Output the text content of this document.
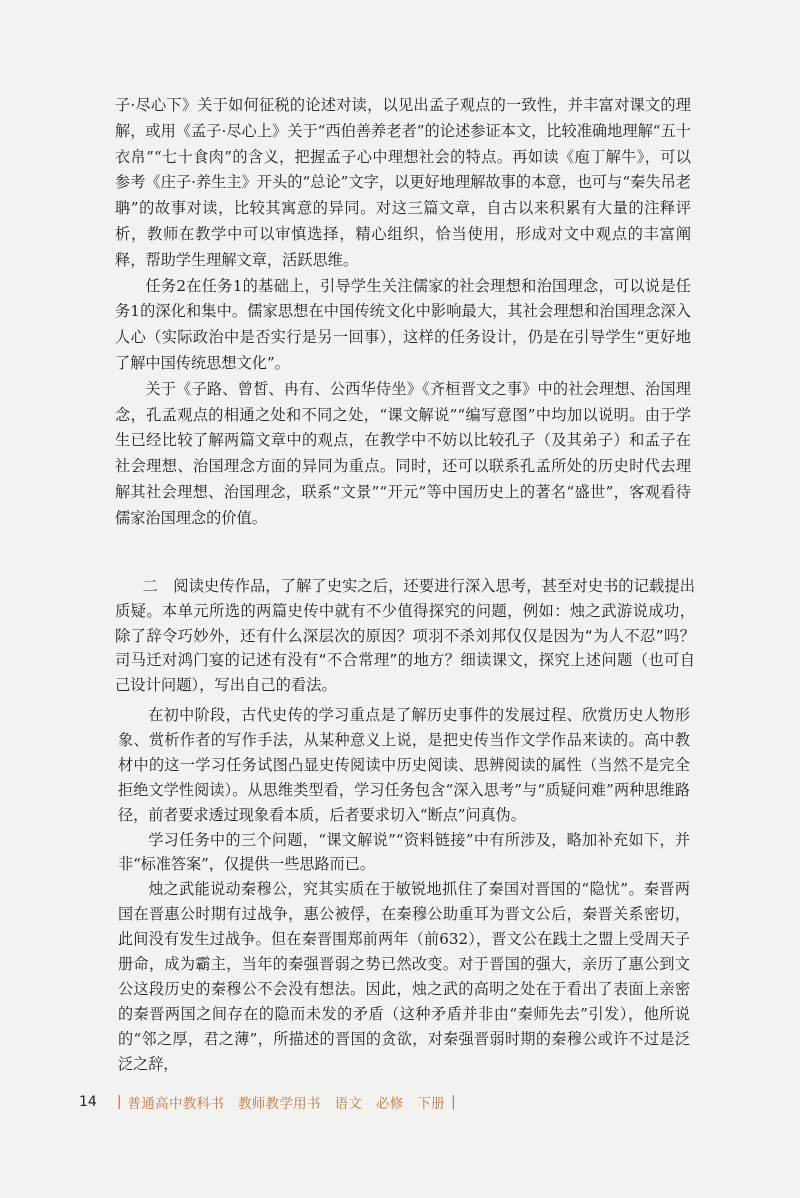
子·尽心下》关于如何征税的论述对读，以见出孟子观点的一致性，并丰富对课文的理解，或用《孟子·尽心上》关于“西伯善养老者”的论述参证本文，比较准确地理解“五十衣帛”“七十食肉”的含义，把握孟子心中理想社会的特点。再如读《庖丁解牛》，可以参考《庄子·养生主》开头的“总论”文字，以更好地理解故事的本意，也可与“秦失吊老聃”的故事对读，比较其寓意的异同。对这三篇文章，自古以来积累有大量的注释评析，教师在教学中可以审慎选择，精心组织，恰当使用，形成对文中观点的丰富阐释，帮助学生理解文章，活跃思维。

任务2在任务1的基础上，引导学生关注儒家的社会理想和治国理念，可以说是任务1的深化和集中。儒家思想在中国传统文化中影响最大，其社会理想和治国理念深入人心（实际政治中是否实行是另一回事），这样的任务设计，仍是在引导学生“更好地了解中国传统思想文化”。

关于《子路、曾皙、冉有、公西华侍坐》《齐桓晋文之事》中的社会理想、治国理念，孔孟观点的相通之处和不同之处，“课文解说”“编写意图”中均加以说明。由于学生已经比较了解两篇文章中的观点，在教学中不妨以比较孔子（及其弟子）和孟子在社会理想、治国理念方面的异同为重点。同时，还可以联系孔孟所处的历史时代去理解其社会理想、治国理念，联系“文景”“开元”等中国历史上的著名“盛世”，客观看待儒家治国理念的价值。

二　阅读史传作品，了解了史实之后，还要进行深入思考，甚至对史书的记载提出质疑。本单元所选的两篇史传中就有不少值得探究的问题，例如：烛之武游说成功，除了辞令巧妙外，还有什么深层次的原因？项羽不杀刘邦仅仅是因为“为人不忍”吗？司马迁对鸿门宴的记述有没有“不合常理”的地方？细读课文，探究上述问题（也可自己设计问题），写出自己的看法。

在初中阶段，古代史传的学习重点是了解历史事件的发展过程、欣赏历史人物形象、赏析作者的写作手法，从某种意义上说，是把史传当作文学作品来读的。高中教材中的这一学习任务试图凸显史传阅读中历史阅读、思辨阅读的属性（当然不是完全拒绝文学性阅读）。从思维类型看，学习任务包含“深入思考”与“质疑问难”两种思维路径，前者要求透过现象看本质，后者要求切入“断点”问真伪。

学习任务中的三个问题，“课文解说”“资料链接”中有所涉及，略加补充如下，并非“标准答案”，仅提供一些思路而已。

烛之武能说动秦穆公，究其实质在于敏锐地抓住了秦国对晋国的“隐忧”。秦晋两国在晋惠公时期有过战争，惠公被俘，在秦穆公助重耳为晋文公后，秦晋关系密切，此间没有发生过战争。但在秦晋围郑前两年（前632），晋文公在践土之盟上受周天子册命，成为霸主，当年的秦强晋弱之势已然改变。对于晋国的强大，亲历了惠公到文公这段历史的秦穆公不会没有想法。因此，烛之武的高明之处在于看出了表面上亲密的秦晋两国之间存在的隐而未发的矛盾（这种矛盾并非由“秦师先去”引发），他所说的“邻之厚，君之薄”，所描述的晋国的贪欲，对秦强晋弱时期的秦穆公或许不过是泛泛之辞，

14 | 普通高中教科书　教师教学用书　语文　必修　下册 |
